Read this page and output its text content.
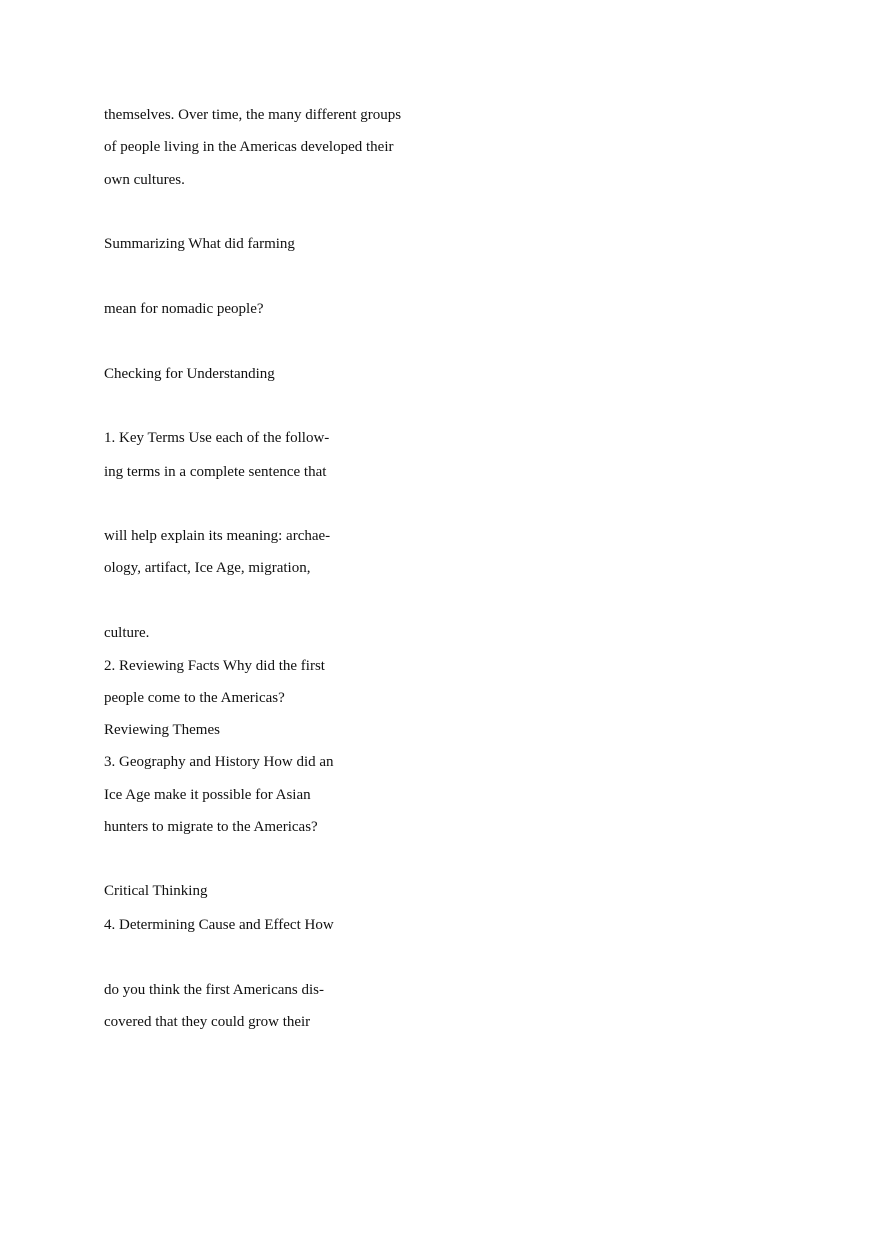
themselves. Over time, the many different groups
of people living in the Americas developed their
own cultures.
Summarizing What did farming
mean for nomadic people?
Checking for Understanding
1. Key Terms Use each of the follow-
ing terms in a complete sentence that
will help explain its meaning: archae-
ology, artifact, Ice Age, migration,
culture.
2. Reviewing Facts Why did the first
people come to the Americas?
Reviewing Themes
3. Geography and History How did an
Ice Age make it possible for Asian
hunters to migrate to the Americas?
Critical Thinking
4. Determining Cause and Effect How
do you think the first Americans dis-
covered that they could grow their
